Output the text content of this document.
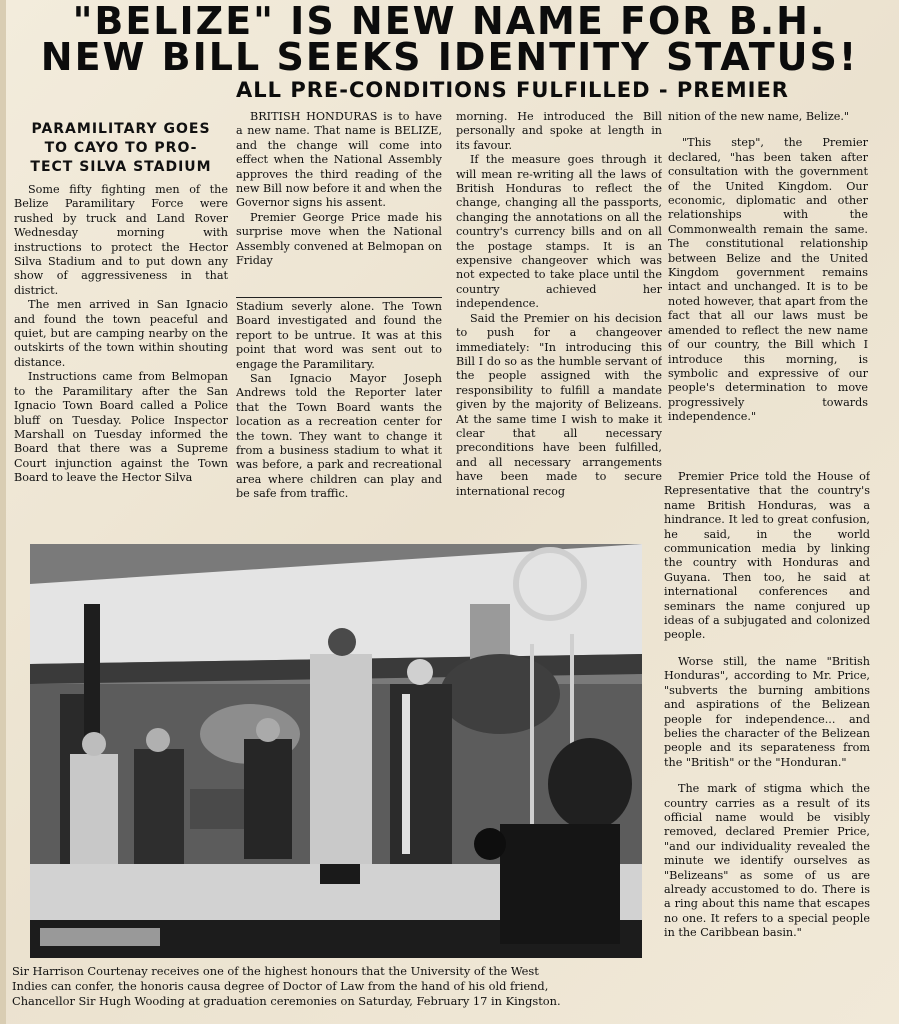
"BELIZE" IS NEW NAME FOR B.H.
NEW BILL SEEKS IDENTITY STATUS!
ALL PRE-CONDITIONS FULFILLED - PREMIER
PARAMILITARY GOES
TO CAYO TO PRO-
TECT SILVA STADIUM

Some fifty fighting men of the Belize Paramilitary Force were rushed by truck and Land Rover Wednesday morning with instructions to protect the Hector Silva Stadium and to put down any show of aggressiveness in that district.

The men arrived in San Ignacio and found the town peaceful and quiet, but are camping nearby on the outskirts of the town within shouting distance.

Instructions came from Belmopan to the Paramilitary after the San Ignacio Town Board called a Police bluff on Tuesday. Police Inspector Marshall on Tuesday informed the Board that there was a Supreme Court injunction against the Town Board to leave the Hector Silva

BRITISH HONDURAS is to have a new name. That name is BELIZE, and the change will come into effect when the National Assembly approves the third reading of the new Bill now before it and when the Governor signs his assent.

Premier George Price made his surprise move when the National Assembly convened at Belmopan on Friday

Stadium severly alone. The Town Board investigated and found the report to be untrue. It was at this point that word was sent out to engage the Paramilitary.

San Ignacio Mayor Joseph Andrews told the Reporter later that the Town Board wants the location as a recreation center for the town. They want to change it from a business stadium to what it was before, a park and recreational area where children can play and be safe from traffic.

morning. He introduced the Bill personally and spoke at length in its favour.

If the measure goes through it will mean re-writing all the laws of British Honduras to reflect the change, changing all the passports, changing the annotations on all the country's currency bills and on all the postage stamps. It is an expensive changeover which was not expected to take place until the country achieved her independence.

Said the Premier on his decision to push for a changeover immediately: "In introducing this Bill I do so as the humble servant of the people assigned with the responsibility to fulfill a mandate given by the majority of Belizeans. At the same time I wish to make it clear that all necessary preconditions have been fulfilled, and all necessary arrangements have been made to secure international recog

nition of the new name, Belize."

"This step", the Premier declared, "has been taken after consultation with the government of the United Kingdom. Our economic, diplomatic and other relationships with the Commonwealth remain the same. The constitutional relationship between Belize and the United Kingdom government remains intact and unchanged. It is to be noted however, that apart from the fact that all our laws must be amended to reflect the new name of our country, the Bill which I introduce this morning, is symbolic and expressive of our people's determination to move progressively towards independence."

Premier Price told the House of Representative that the country's name British Honduras, was a hindrance. It led to great confusion, he said, in the world communication media by linking the country with Honduras and Guyana. Then too, he said at international conferences and seminars the name conjured up ideas of a subjugated and colonized people.

Worse still, the name "British Honduras", according to Mr. Price, "subverts the burning ambitions and aspirations of the Belizean people for independence... and belies the character of the Belizean people and its separateness from the "British" or the "Honduran."

The mark of stigma which the country carries as a result of its official name would be visibly removed, declared Premier Price, "and our individuality revealed the minute we identify ourselves as "Belizeans" as some of us are already accustomed to do. There is a ring about this name that escapes no one. It refers to a special people in the Caribbean basin."

Sir Harrison Courtenay receives one of the highest honours that the University of the West
Indies can confer, the honoris causa degree of Doctor of Law from the hand of his old friend,
Chancellor Sir Hugh Wooding at graduation ceremonies on Saturday, February 17 in Kingston.
